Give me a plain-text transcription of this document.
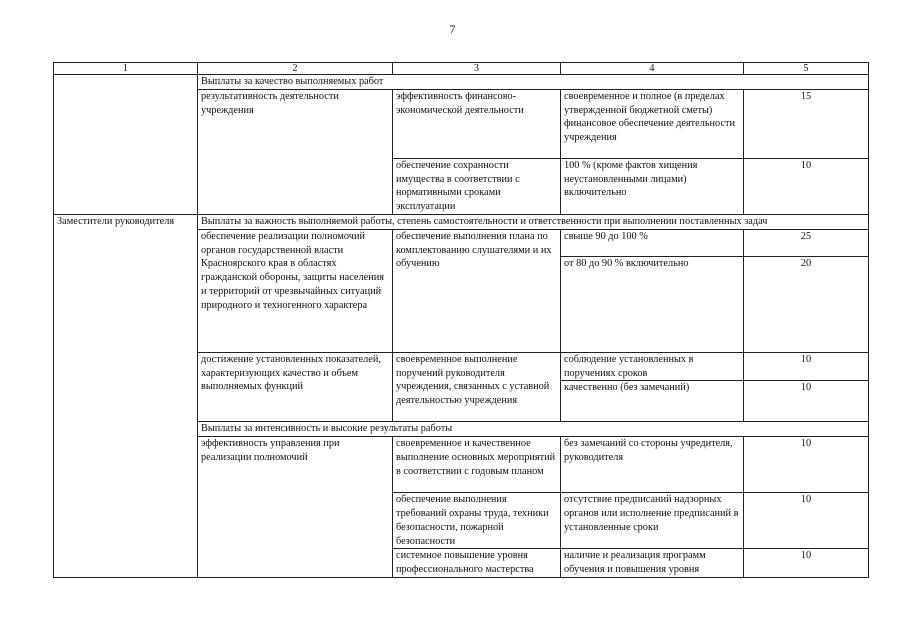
7
1	2	3	4	5
	Выплаты за качество выполняемых работ			
	результативность деятельности учреждения	эффективность финансово-экономической деятельности	своевременное и полное (в пределах утвержденной бюджетной сметы) финансовое обеспечение деятельности учреждения	15
		обеспечение сохранности имущества в соответствии с нормативными сроками эксплуатации	100 % (кроме фактов хищения неустановленными лицами) включительно	10
Заместители руководителя	Выплаты за важность выполняемой работы, степень самостоятельности и ответственности при выполнении поставленных задач			
	обеспечение реализации полномочий органов государственной власти Красноярского края в областях гражданской обороны, защиты населения и территорий от чрезвычайных ситуаций природного и техногенного характера	обеспечение выполнения плана по комплектованию слушателями и их обучению	свыше 90 до 100 %	25
			от 80 до 90 % включительно	20
	достижение установленных показателей, характеризующих качество и объем выполняемых функций	своевременное выполнение поручений руководителя учреждения, связанных с уставной деятельностью учреждения	соблюдение установленных в поручениях сроков	10
			качественно (без замечаний)	10
	Выплаты за интенсивность и высокие результаты работы			
	эффективность управления при реализации полномочий	своевременное и качественное выполнение основных мероприятий в соответствии с годовым планом	без замечаний со стороны учредителя, руководителя	10
		обеспечение выполнения требований охраны труда, техники безопасности, пожарной безопасности	отсутствие предписаний надзорных органов или исполнение предписаний в установленные сроки	10
		системное повышение уровня профессионального мастерства	наличие и реализация программ обучения и повышения уровня	10
